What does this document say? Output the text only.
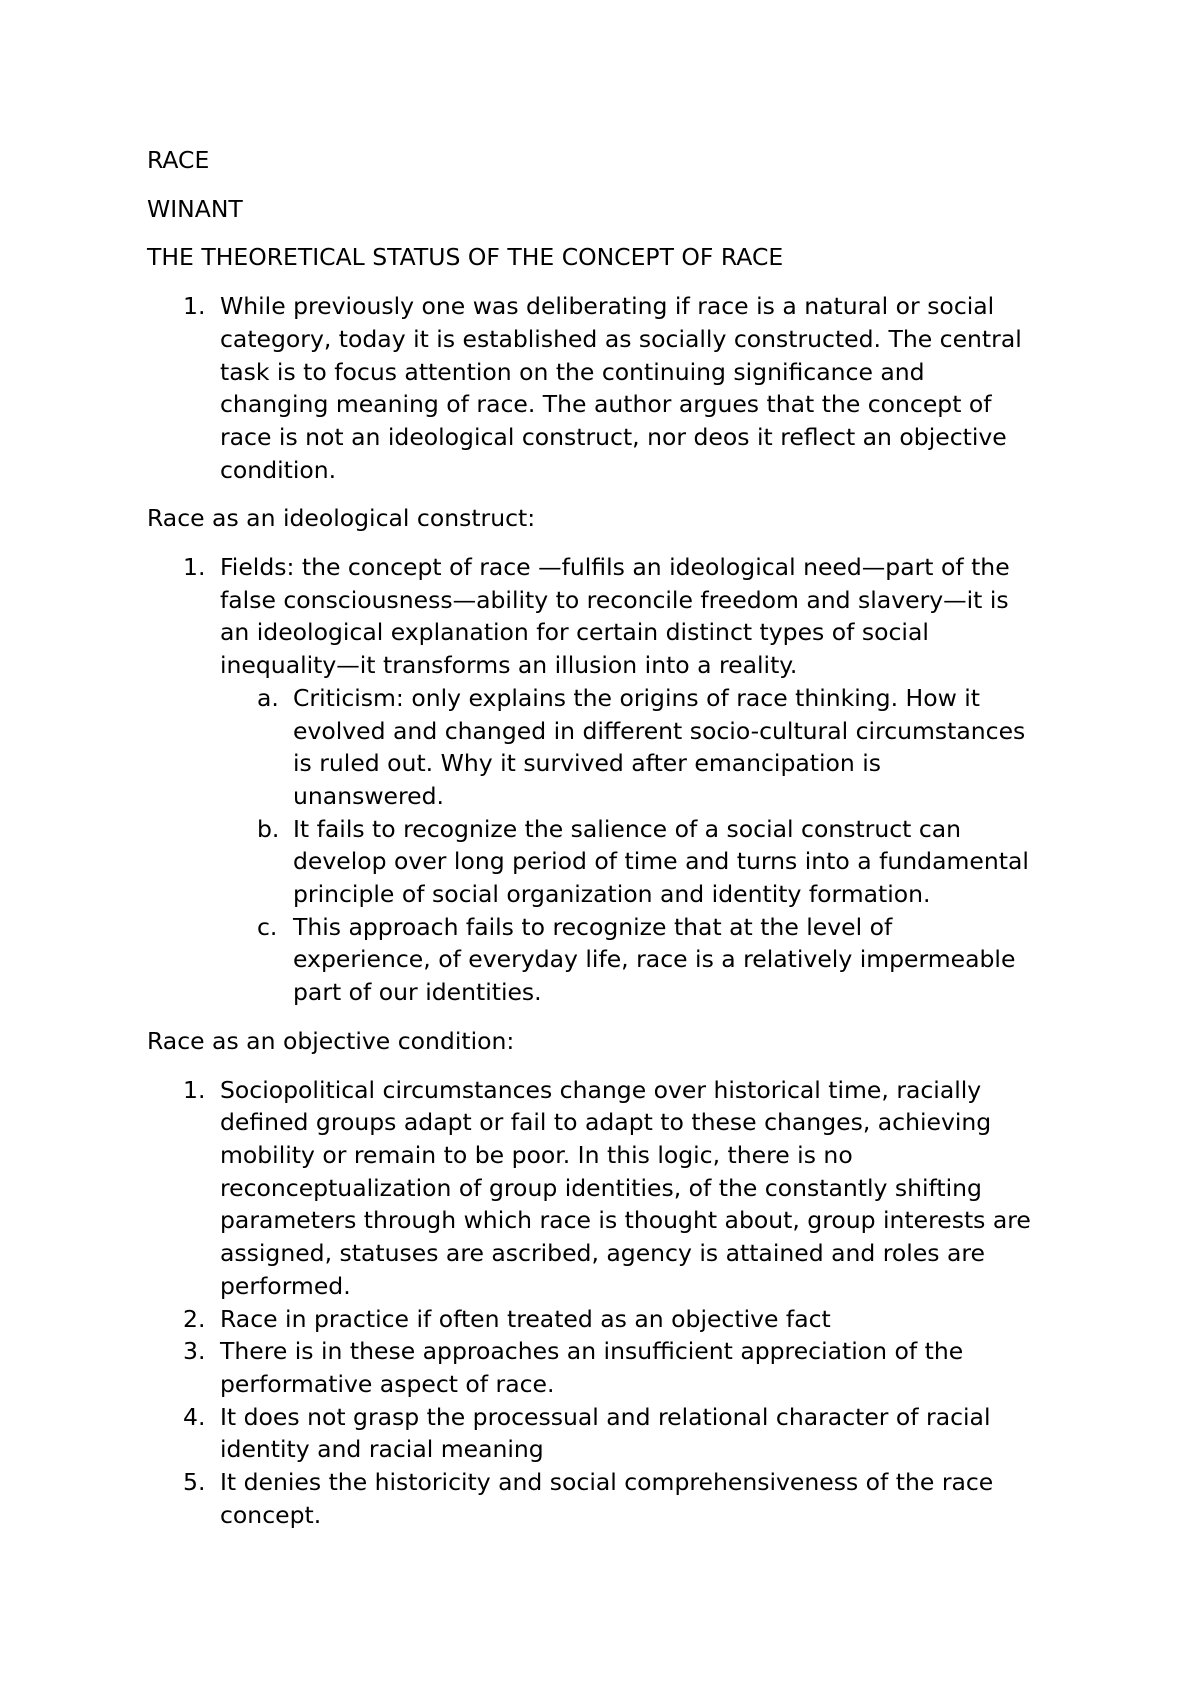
RACE

WINANT

THE THEORETICAL STATUS OF THE CONCEPT OF RACE

1. While previously one was deliberating if race is a natural or social
category, today it is established as socially constructed. The central
task is to focus attention on the continuing significance and
changing meaning of race. The author argues that the concept of
race is not an ideological construct, nor deos it reflect an objective
condition.

Race as an ideological construct:

1. Fields: the concept of race —fulfils an ideological need—part of the
false consciousness—ability to reconcile freedom and slavery—it is
an ideological explanation for certain distinct types of social
inequality—it transforms an illusion into a reality.
a. Criticism: only explains the origins of race thinking. How it
evolved and changed in different socio-cultural circumstances
is ruled out. Why it survived after emancipation is
unanswered.
b. It fails to recognize the salience of a social construct can
develop over long period of time and turns into a fundamental
principle of social organization and identity formation.
c. This approach fails to recognize that at the level of
experience, of everyday life, race is a relatively impermeable
part of our identities.

Race as an objective condition:

1. Sociopolitical circumstances change over historical time, racially
defined groups adapt or fail to adapt to these changes, achieving
mobility or remain to be poor. In this logic, there is no
reconceptualization of group identities, of the constantly shifting
parameters through which race is thought about, group interests are
assigned, statuses are ascribed, agency is attained and roles are
performed.
2. Race in practice if often treated as an objective fact
3. There is in these approaches an insufficient appreciation of the
performative aspect of race.
4. It does not grasp the processual and relational character of racial
identity and racial meaning
5. It denies the historicity and social comprehensiveness of the race
concept.
